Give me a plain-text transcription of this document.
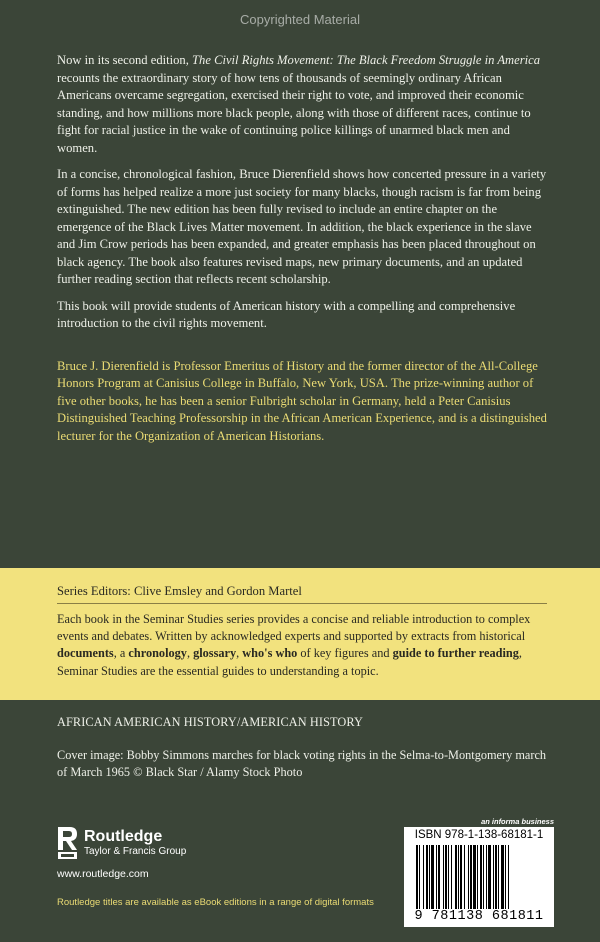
Copyrighted Material

Now in its second edition, The Civil Rights Movement: The Black Freedom Struggle in America recounts the extraordinary story of how tens of thousands of seemingly ordinary African Americans overcame segregation, exercised their right to vote, and improved their economic standing, and how millions more black people, along with those of different races, continue to fight for racial justice in the wake of continuing police killings of unarmed black men and women.

In a concise, chronological fashion, Bruce Dierenfield shows how concerted pressure in a variety of forms has helped realize a more just society for many blacks, though racism is far from being extinguished. The new edition has been fully revised to include an entire chapter on the emergence of the Black Lives Matter movement. In addition, the black experience in the slave and Jim Crow periods has been expanded, and greater emphasis has been placed throughout on black agency. The book also features revised maps, new primary documents, and an updated further reading section that reflects recent scholarship.

This book will provide students of American history with a compelling and comprehensive introduction to the civil rights movement.

Bruce J. Dierenfield is Professor Emeritus of History and the former director of the All-College Honors Program at Canisius College in Buffalo, New York, USA. The prize-winning author of five other books, he has been a senior Fulbright scholar in Germany, held a Peter Canisius Distinguished Teaching Professorship in the African American Experience, and is a distinguished lecturer for the Organization of American Historians.

Series Editors: Clive Emsley and Gordon Martel
Each book in the Seminar Studies series provides a concise and reliable introduction to complex events and debates. Written by acknowledged experts and supported by extracts from historical documents, a chronology, glossary, who's who of key figures and guide to further reading, Seminar Studies are the essential guides to understanding a topic.
AFRICAN AMERICAN HISTORY/AMERICAN HISTORY
Cover image: Bobby Simmons marches for black voting rights in the Selma-to-Montgomery march of March 1965 © Black Star / Alamy Stock Photo
Routledge
Taylor & Francis Group
www.routledge.com
Routledge titles are available as eBook editions in a range of digital formats
an informa business
ISBN 978-1-138-68181-1
9 781138 681811
